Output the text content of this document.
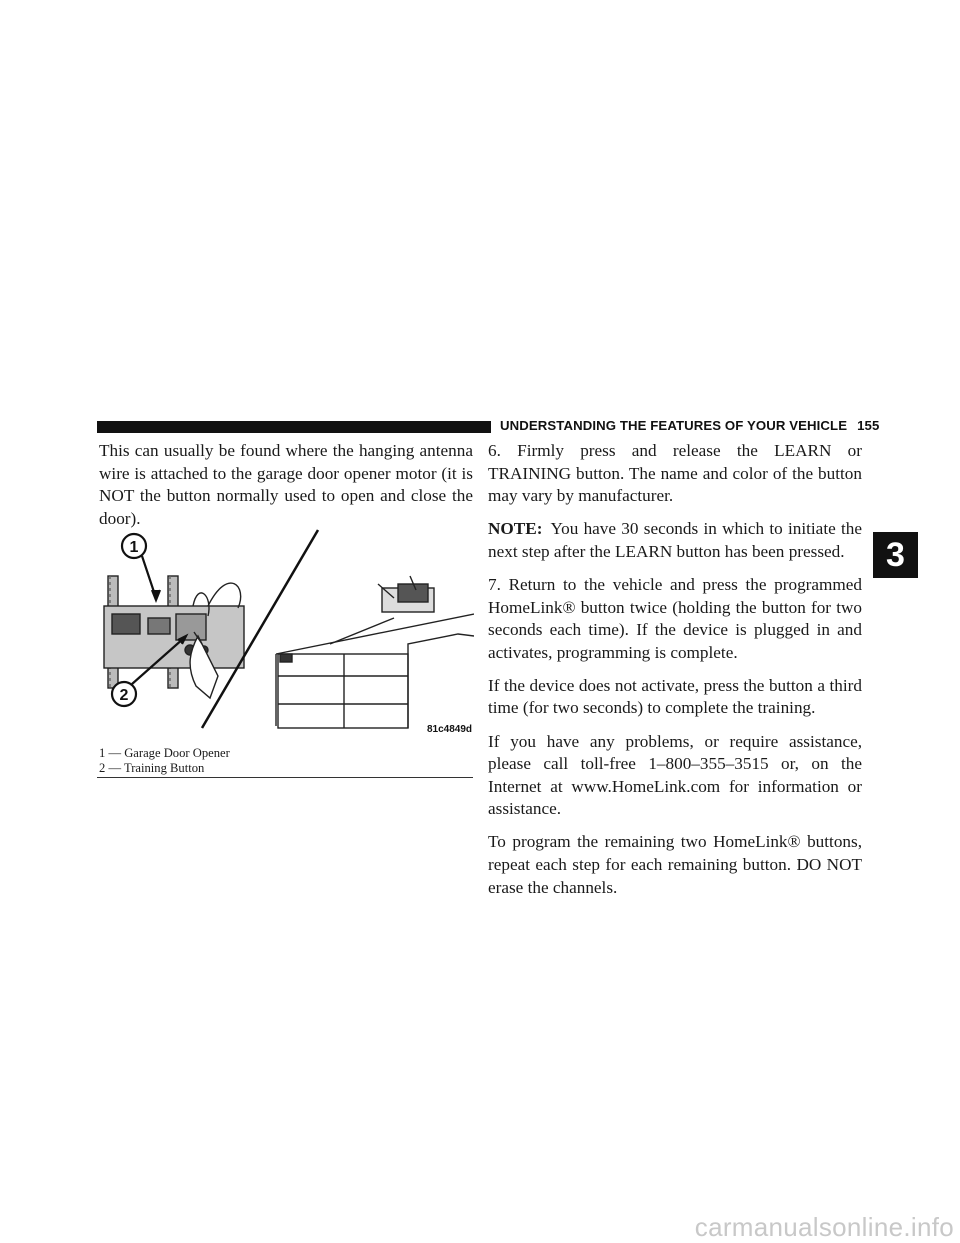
UNDERSTANDING THE FEATURES OF YOUR VEHICLE 155

This can usually be found where the hanging antenna wire is attached to the garage door opener motor (it is NOT the button normally used to open and close the door).

1
2
81c4849d
1 — Garage Door Opener
2 — Training Button

6. Firmly press and release the LEARN or TRAINING button. The name and color of the button may vary by manufacturer.

NOTE: You have 30 seconds in which to initiate the next step after the LEARN button has been pressed.

7. Return to the vehicle and press the programmed HomeLink® button twice (holding the button for two seconds each time). If the device is plugged in and activates, programming is complete.

If the device does not activate, press the button a third time (for two seconds) to complete the training.

If you have any problems, or require assistance, please call toll-free 1–800–355–3515 or, on the Internet at www.HomeLink.com for information or assistance.

To program the remaining two HomeLink® buttons, repeat each step for each remaining button. DO NOT erase the channels.

3
carmanualsonline.info
